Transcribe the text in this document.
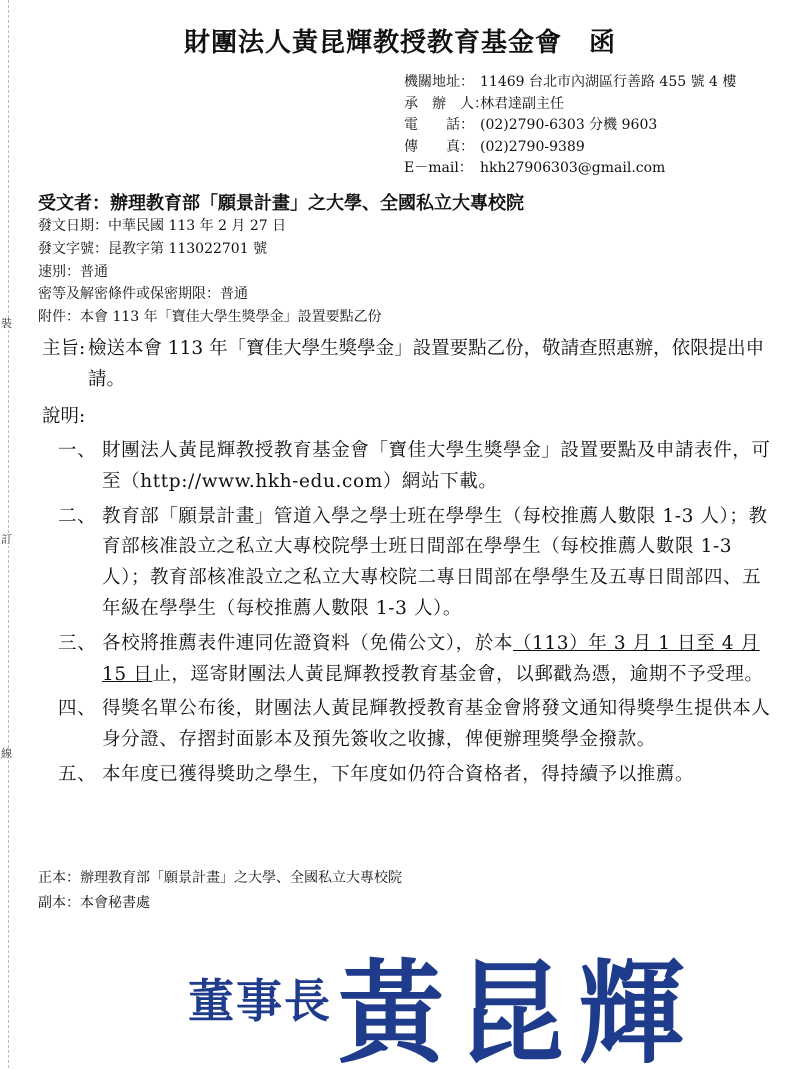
裝
訂
線
財團法人黃昆輝教授教育基金會　函
機關地址： 11469 台北市內湖區行善路 455 號 4 樓
承　辦　人：林君達副主任
電　　話： (02)2790-6303 分機 9603
傳　　真： (02)2790-9389
E－mail： hkh27906303@gmail.com
受文者：辦理教育部「願景計畫」之大學、全國私立大專校院
發文日期：中華民國 113 年 2 月 27 日
發文字號：昆教字第 113022701 號
速別：普通
密等及解密條件或保密期限：普通
附件：本會 113 年「寶佳大學生獎學金」設置要點乙份
主旨: 檢送本會 113 年「寶佳大學生獎學金」設置要點乙份，敬請查照惠辦，依限提出申請。
說明:
一、 財團法人黃昆輝教授教育基金會「寶佳大學生獎學金」設置要點及申請表件，可至（http://www.hkh-edu.com）網站下載。
二、 教育部「願景計畫」管道入學之學士班在學學生（每校推薦人數限 1-3 人）；教育部核准設立之私立大專校院學士班日間部在學學生（每校推薦人數限 1-3 人）；教育部核准設立之私立大專校院二專日間部在學學生及五專日間部四、五年級在學學生（每校推薦人數限 1-3 人）。
三、 各校將推薦表件連同佐證資料（免備公文），於本（113）年 3 月 1 日至 4 月 15 日止，逕寄財團法人黃昆輝教授教育基金會，以郵戳為憑，逾期不予受理。
四、 得獎名單公布後，財團法人黃昆輝教授教育基金會將發文通知得獎學生提供本人身分證、存摺封面影本及預先簽收之收據，俾便辦理獎學金撥款。
五、 本年度已獲得獎助之學生，下年度如仍符合資格者，得持續予以推薦。
正本：辦理教育部「願景計畫」之大學、全國私立大專校院
副本：本會秘書處
董事長 黃昆輝
